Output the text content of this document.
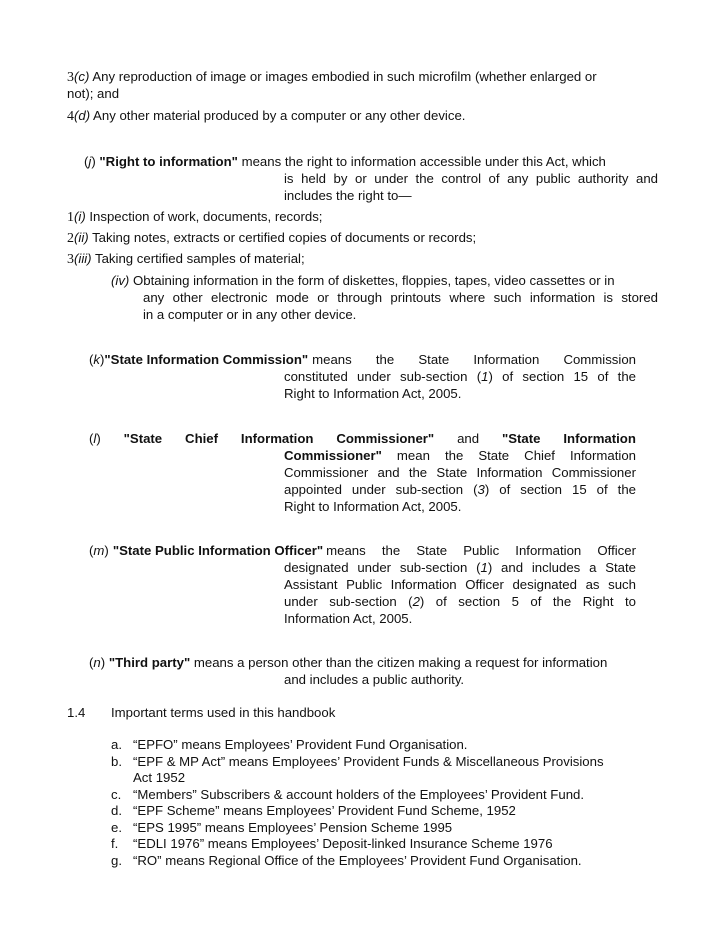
3(c) Any reproduction of image or images embodied in such microfilm (whether enlarged or
not); and
4(d) Any other material produced by a computer or any other device.
(j) "Right to information" means the right to information accessible under this Act, which
is held by or under the control of any public authority and
includes the right to—
1(i) Inspection of work, documents, records;
2(ii) Taking notes, extracts or certified copies of documents or records;
3(iii) Taking certified samples of material;
(iv) Obtaining information in the form of diskettes, floppies, tapes, video cassettes or in
any other electronic mode or through printouts where such information is stored
in a computer or in any other device.
(k) "State Information Commission" means the State Information Commission
constituted under sub-section (1) of section 15 of the
Right to Information Act, 2005.
(l) "State Chief Information Commissioner" and "State Information
Commissioner" mean the State Chief Information
Commissioner and the State Information Commissioner
appointed under sub-section (3) of section 15 of the
Right to Information Act, 2005.
(m) "State Public Information Officer" means the State Public Information Officer
designated under sub-section (1) and includes a State
Assistant Public Information Officer designated as such
under sub-section (2) of section 5 of the Right to
Information Act, 2005.
(n) "Third party" means a person other than the citizen making a request for information
and includes a public authority.
1.4 Important terms used in this handbook
a. “EPFO” means Employees’ Provident Fund Organisation.
b. “EPF & MP Act” means Employees’ Provident Funds & Miscellaneous Provisions
Act 1952
c. “Members” Subscribers & account holders of the Employees’ Provident Fund.
d. “EPF Scheme” means Employees’ Provident Fund Scheme, 1952
e. “EPS 1995” means Employees’ Pension Scheme 1995
f. “EDLI 1976” means Employees’ Deposit-linked Insurance Scheme 1976
g. “RO” means Regional Office of the Employees’ Provident Fund Organisation.
